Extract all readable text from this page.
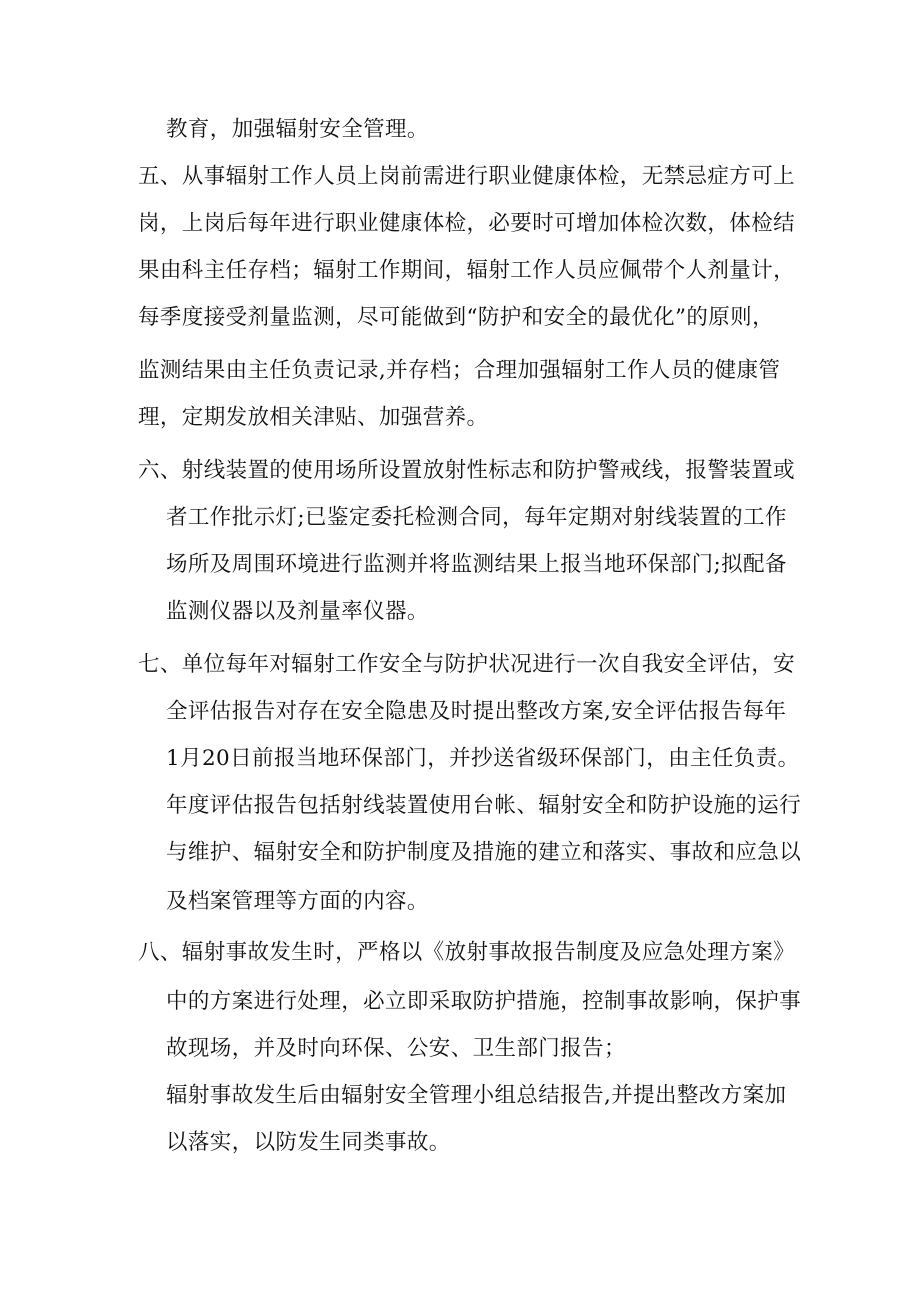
教育，加强辐射安全管理。
五、从事辐射工作人员上岗前需进行职业健康体检，无禁忌症方可上
岗，上岗后每年进行职业健康体检，必要时可增加体检次数，体检结
果由科主任存档；辐射工作期间，辐射工作人员应佩带个人剂量计，
每季度接受剂量监测，尽可能做到“防护和安全的最优化”的原则，
监测结果由主任负责记录,并存档；合理加强辐射工作人员的健康管
理，定期发放相关津贴、加强营养。
六、射线装置的使用场所设置放射性标志和防护警戒线，报警装置或
者工作批示灯;已鉴定委托检测合同，每年定期对射线装置的工作
场所及周围环境进行监测并将监测结果上报当地环保部门;拟配备
监测仪器以及剂量率仪器。
七、单位每年对辐射工作安全与防护状况进行一次自我安全评估，安
全评估报告对存在安全隐患及时提出整改方案,安全评估报告每年
1月20日前报当地环保部门，并抄送省级环保部门，由主任负责。
年度评估报告包括射线装置使用台帐、辐射安全和防护设施的运行
与维护、辐射安全和防护制度及措施的建立和落实、事故和应急以
及档案管理等方面的内容。
八、辐射事故发生时，严格以《放射事故报告制度及应急处理方案》
中的方案进行处理，必立即采取防护措施，控制事故影响，保护事
故现场，并及时向环保、公安、卫生部门报告；
辐射事故发生后由辐射安全管理小组总结报告,并提出整改方案加
以落实，以防发生同类事故。
